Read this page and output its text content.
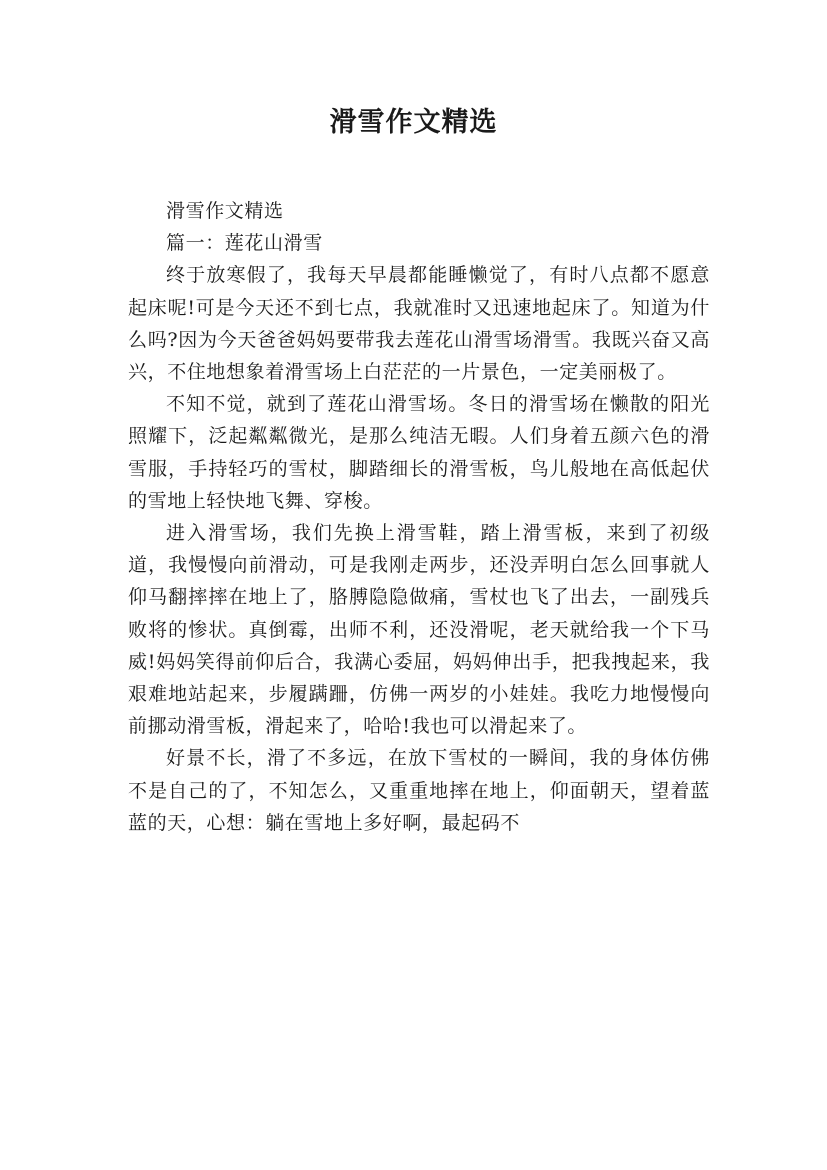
滑雪作文精选

滑雪作文精选

篇一：莲花山滑雪

终于放寒假了，我每天早晨都能睡懒觉了，有时八点都不愿意起床呢!可是今天还不到七点，我就准时又迅速地起床了。知道为什么吗?因为今天爸爸妈妈要带我去莲花山滑雪场滑雪。我既兴奋又高兴，不住地想象着滑雪场上白茫茫的一片景色，一定美丽极了。

不知不觉，就到了莲花山滑雪场。冬日的滑雪场在懒散的阳光照耀下，泛起粼粼微光，是那么纯洁无暇。人们身着五颜六色的滑雪服，手持轻巧的雪杖，脚踏细长的滑雪板，鸟儿般地在高低起伏的雪地上轻快地飞舞、穿梭。

进入滑雪场，我们先换上滑雪鞋，踏上滑雪板，来到了初级道，我慢慢向前滑动，可是我刚走两步，还没弄明白怎么回事就人仰马翻摔摔在地上了，胳膊隐隐做痛，雪杖也飞了出去，一副残兵败将的惨状。真倒霉，出师不利，还没滑呢，老天就给我一个下马威!妈妈笑得前仰后合，我满心委屈，妈妈伸出手，把我拽起来，我艰难地站起来，步履蹒跚，仿佛一两岁的小娃娃。我吃力地慢慢向前挪动滑雪板，滑起来了，哈哈!我也可以滑起来了。

好景不长，滑了不多远，在放下雪杖的一瞬间，我的身体仿佛不是自己的了，不知怎么，又重重地摔在地上，仰面朝天，望着蓝蓝的天，心想：躺在雪地上多好啊，最起码不
